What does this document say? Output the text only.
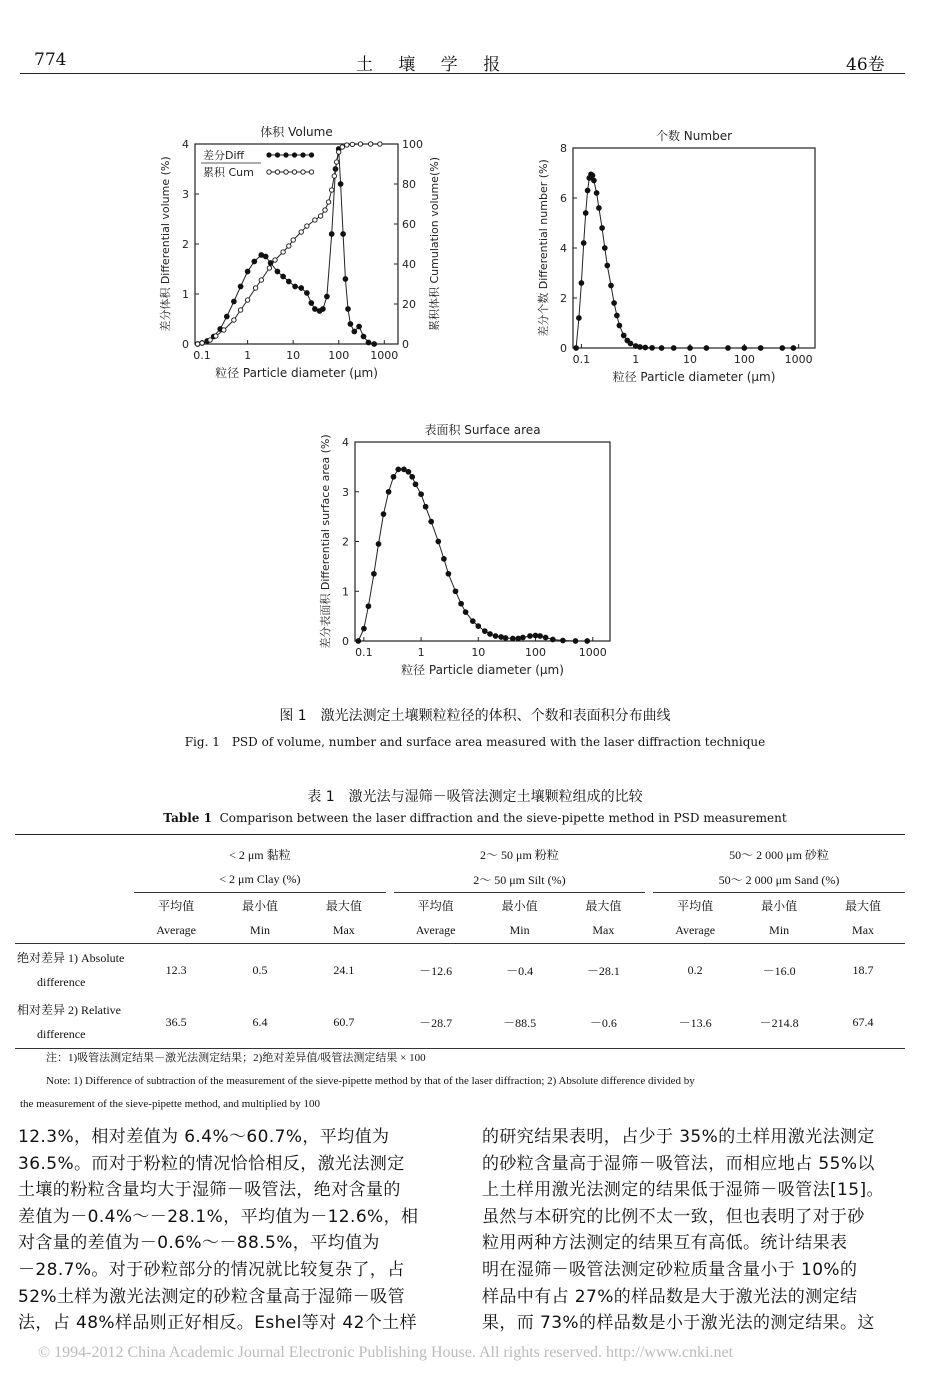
774	土 壤 学 报	46卷
体积 Volume
0.1	1	10	100 1000
粒径 Particle diameter (μm)
0
1
2
3
4
差分体积 Differential volume (%)
0
20
40
60
80
100
累积体积 Cumulation volume(%)
差分Diff
累积 Cum
个数 Number
0.1	1	10	100	1000
粒径 Particle diameter (μm)
0
2
4
6
8
差分个数 Differential number (%)
表面积 Surface area
0.1	1	10	100	1000
粒径 Particle diameter (μm)
0
1
2
3
4
差分表面积 Differential surface area (%)
图 1　激光法测定土壤颗粒粒径的体积、个数和表面积分布曲线
Fig. 1　PSD of volume, number and surface area measured with the laser diffraction technique
表 1　激光法与湿筛－吸管法测定土壤颗粒组成的比较
Table 1 Comparison between the laser diffraction and the sieve-pipette method in PSD measurement
	< 2 μm 黏粒				2～ 50 μm 粉粒				50～ 2 000 μm 砂粒		
	< 2 μm Clay (%)				2～ 50 μm Silt (%)				50～ 2 000 μm Sand (%)		
	平均值	最小值	最大值		平均值	最小值	最大值		平均值	最小值	最大值
	Average	Min	Max		Average	Min	Max		Average	Min	Max

绝对差异 1) Absolute
difference	12.3	0.5	24.1		－12.6	－0.4	－28.1		0.2	－16.0	18.7

相对差异 2) Relative
difference	36.5	6.4	60.7		－28.7	－88.5	－0.6		－13.6	－214.8	67.4
注：1)吸管法测定结果－激光法测定结果；2)绝对差异值/吸管法测定结果 × 100
Note: 1) Difference of subtraction of the measurement of the sieve-pipette method by that of the laser diffraction; 2) Absolute difference divided by
the measurement of the sieve-pipette method, and multiplied by 100
12.3%，相对差值为 6.4%～60.7%，平均值为
36.5%。而对于粉粒的情况恰恰相反，激光法测定
土壤的粉粒含量均大于湿筛－吸管法，绝对含量的
差值为－0.4%～－28.1%，平均值为－12.6%，相
对含量的差值为－0.6%～－88.5%，平均值为
－28.7%。对于砂粒部分的情况就比较复杂了，占
52%土样为激光法测定的砂粒含量高于湿筛－吸管
法，占 48%样品则正好相反。Eshel等对 42个土样
的研究结果表明，占少于 35%的土样用激光法测定
的砂粒含量高于湿筛－吸管法，而相应地占 55%以
上土样用激光法测定的结果低于湿筛－吸管法[15]。
虽然与本研究的比例不太一致，但也表明了对于砂
粒用两种方法测定的结果互有高低。统计结果表
明在湿筛－吸管法测定砂粒质量含量小于 10%的
样品中有占 27%的样品数是大于激光法的测定结
果，而 73%的样品数是小于激光法的测定结果。这
© 1994-2012 China Academic Journal Electronic Publishing House. All rights reserved. http://www.cnki.net
